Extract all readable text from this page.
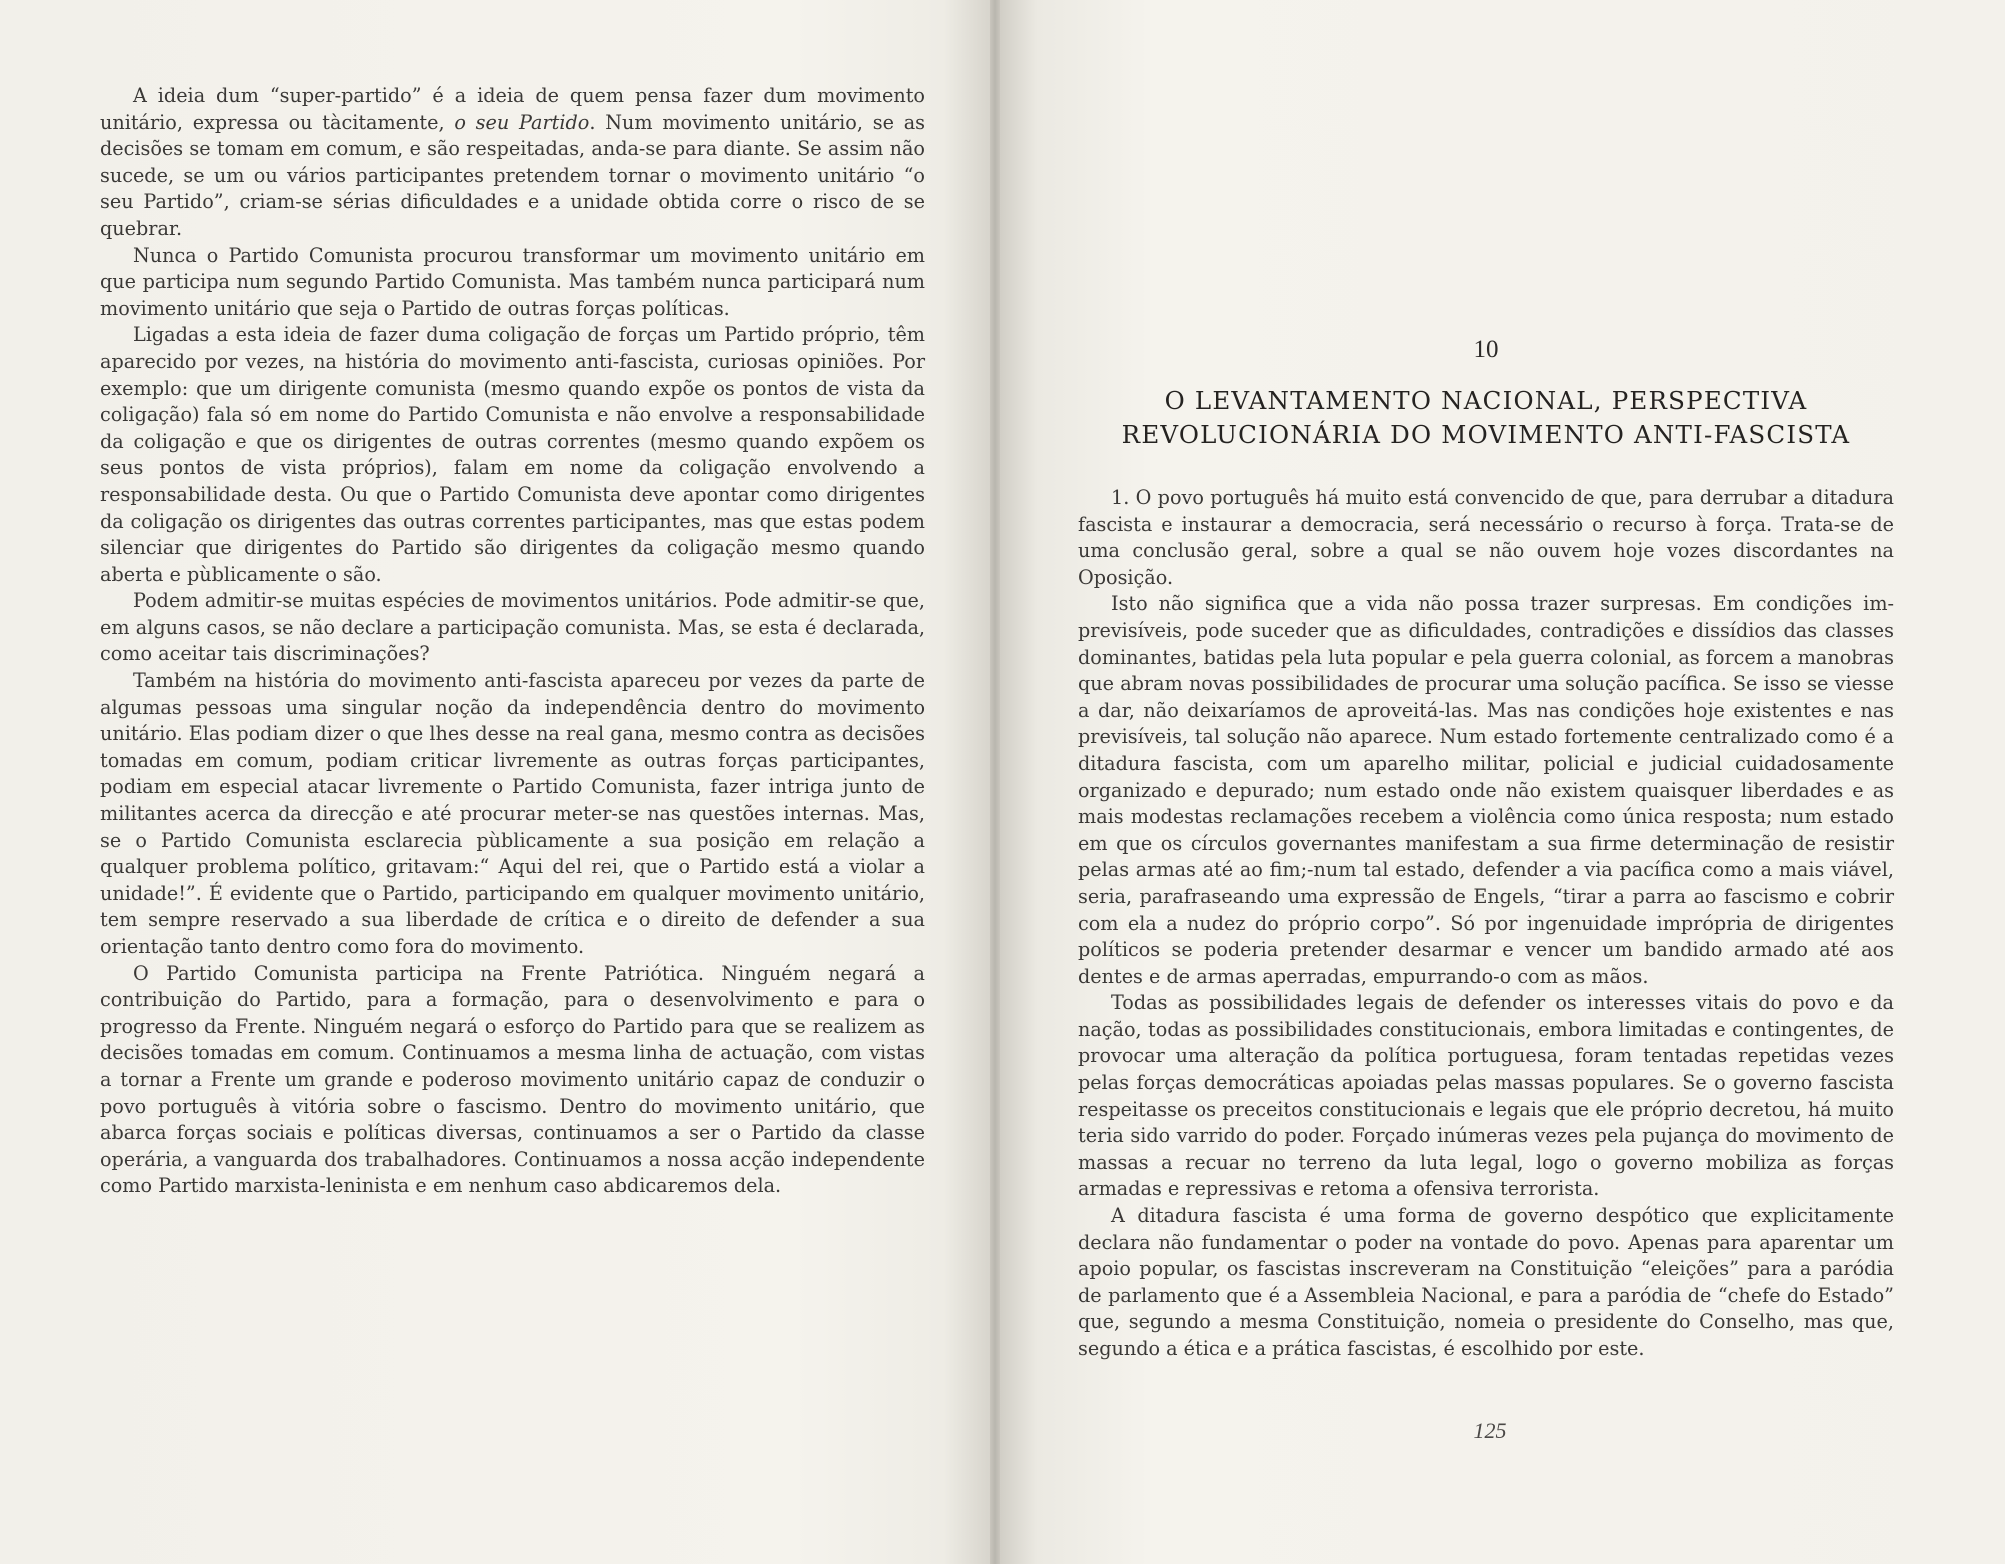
A ideia dum “super-partido” é a ideia de quem pensa fazer dum movimento unitário, expressa ou tàcitamente, o seu Partido. Num movimento unitário, se as decisões se tomam em comum, e são respeitadas, anda-se para diante. Se assim não sucede, se um ou vários participantes pretendem tornar o movimento unitário “o seu Partido”, criam-se sérias dificuldades e a unidade obtida corre o risco de se quebrar.

Nunca o Partido Comunista procurou transformar um movimento unitário em que participa num segundo Partido Comunista. Mas também nunca participará num movimento unitário que seja o Partido de outras forças políticas.

Ligadas a esta ideia de fazer duma coligação de forças um Partido próprio, têm aparecido por vezes, na história do movimento anti-fascista, curiosas opiniões. Por exemplo: que um dirigente comunista (mesmo quando expõe os pontos de vista da coligação) fala só em nome do Partido Comunista e não envolve a responsabilidade da coligação e que os dirigentes de outras correntes (mesmo quando expõem os seus pontos de vista próprios), falam em nome da coligação envolvendo a responsabilidade desta. Ou que o Partido Comunista deve apontar como dirigentes da coligação os dirigentes das outras correntes participantes, mas que estas podem silenciar que dirigentes do Partido são dirigentes da coligação mesmo quando aberta e pùblicamente o são.

Podem admitir-se muitas espécies de movimentos unitários. Pode admitir-se que, em alguns casos, se não declare a participação comunista. Mas, se esta é declarada, como aceitar tais discriminações?

Também na história do movimento anti-fascista apareceu por vezes da parte de algumas pessoas uma singular noção da independência dentro do movimento unitário. Elas podiam dizer o que lhes desse na real gana, mesmo contra as decisões tomadas em comum, podiam criticar livremente as outras forças participantes, podiam em especial atacar livremente o Partido Comunista, fazer intriga junto de militantes acerca da direcção e até procurar meter-se nas questões internas. Mas, se o Partido Comunista esclarecia pùblicamente a sua posição em relação a qualquer problema político, gritavam:“ Aqui del rei, que o Partido está a violar a unidade!”. É evidente que o Partido, participando em qualquer movimento unitário, tem sempre reservado a sua liberdade de crítica e o direito de defender a sua orientação tanto dentro como fora do movimento.

O Partido Comunista participa na Frente Patriótica. Ninguém negará a contribuição do Partido, para a formação, para o desenvolvimento e para o progresso da Frente. Ninguém negará o esforço do Partido para que se realizem as decisões tomadas em comum. Continuamos a mesma linha de actuação, com vistas a tornar a Frente um grande e poderoso movimento unitário capaz de conduzir o povo português à vitória sobre o fascismo. Dentro do movimento unitário, que abarca forças sociais e políticas diversas, continuamos a ser o Partido da classe operária, a vanguarda dos trabalhadores. Continuamos a nossa acção independente como Partido marxista-leninista e em nenhum caso abdicaremos dela.

10
O LEVANTAMENTO NACIONAL, PERSPECTIVA
REVOLUCIONÁRIA DO MOVIMENTO ANTI-FASCISTA

1. O povo português há muito está convencido de que, para derrubar a ditadura fascista e instaurar a democracia, será necessário o recurso à força. Trata-se de uma conclusão geral, sobre a qual se não ouvem hoje vozes discordantes na Oposição.

Isto não significa que a vida não possa trazer surpresas. Em condições imprevisíveis, pode suceder que as dificuldades, contradições e dissídios das classes dominantes, batidas pela luta popular e pela guerra colonial, as forcem a manobras que abram novas possibilidades de procurar uma solução pacífica. Se isso se viesse a dar, não deixaríamos de aproveitá-las. Mas nas condições hoje existentes e nas previsíveis, tal solução não aparece. Num estado fortemente centralizado como é a ditadura fascista, com um aparelho militar, policial e judicial cuidadosamente organizado e depurado; num estado onde não existem quaisquer liberdades e as mais modestas reclamações recebem a violência como única resposta; num estado em que os círculos governantes manifestam a sua firme determinação de resistir pelas armas até ao fim;-num tal estado, defender a via pacífica como a mais viável, seria, parafraseando uma expressão de Engels, “tirar a parra ao fascismo e cobrir com ela a nudez do próprio corpo”. Só por ingenuidade imprópria de dirigentes políticos se poderia pretender desarmar e vencer um bandido armado até aos dentes e de armas aperradas, empurrando-o com as mãos.

Todas as possibilidades legais de defender os interesses vitais do povo e da nação, todas as possibilidades constitucionais, embora limitadas e contingentes, de provocar uma alteração da política portuguesa, foram tentadas repetidas vezes pelas forças democráticas apoiadas pelas massas populares. Se o governo fascista respeitasse os preceitos constitucionais e legais que ele próprio decretou, há muito teria sido varrido do poder. Forçado inúmeras vezes pela pujança do movimento de massas a recuar no terreno da luta legal, logo o governo mobiliza as forças armadas e repressivas e retoma a ofensiva terrorista.

A ditadura fascista é uma forma de governo despótico que explicitamente declara não fundamentar o poder na vontade do povo. Apenas para aparentar um apoio popular, os fascistas inscreveram na Constituição “eleições” para a paródia de parlamento que é a Assembleia Nacional, e para a paródia de “chefe do Estado” que, segundo a mesma Constituição, nomeia o presidente do Conselho, mas que, segundo a ética e a prática fascistas, é escolhido por este.

125
